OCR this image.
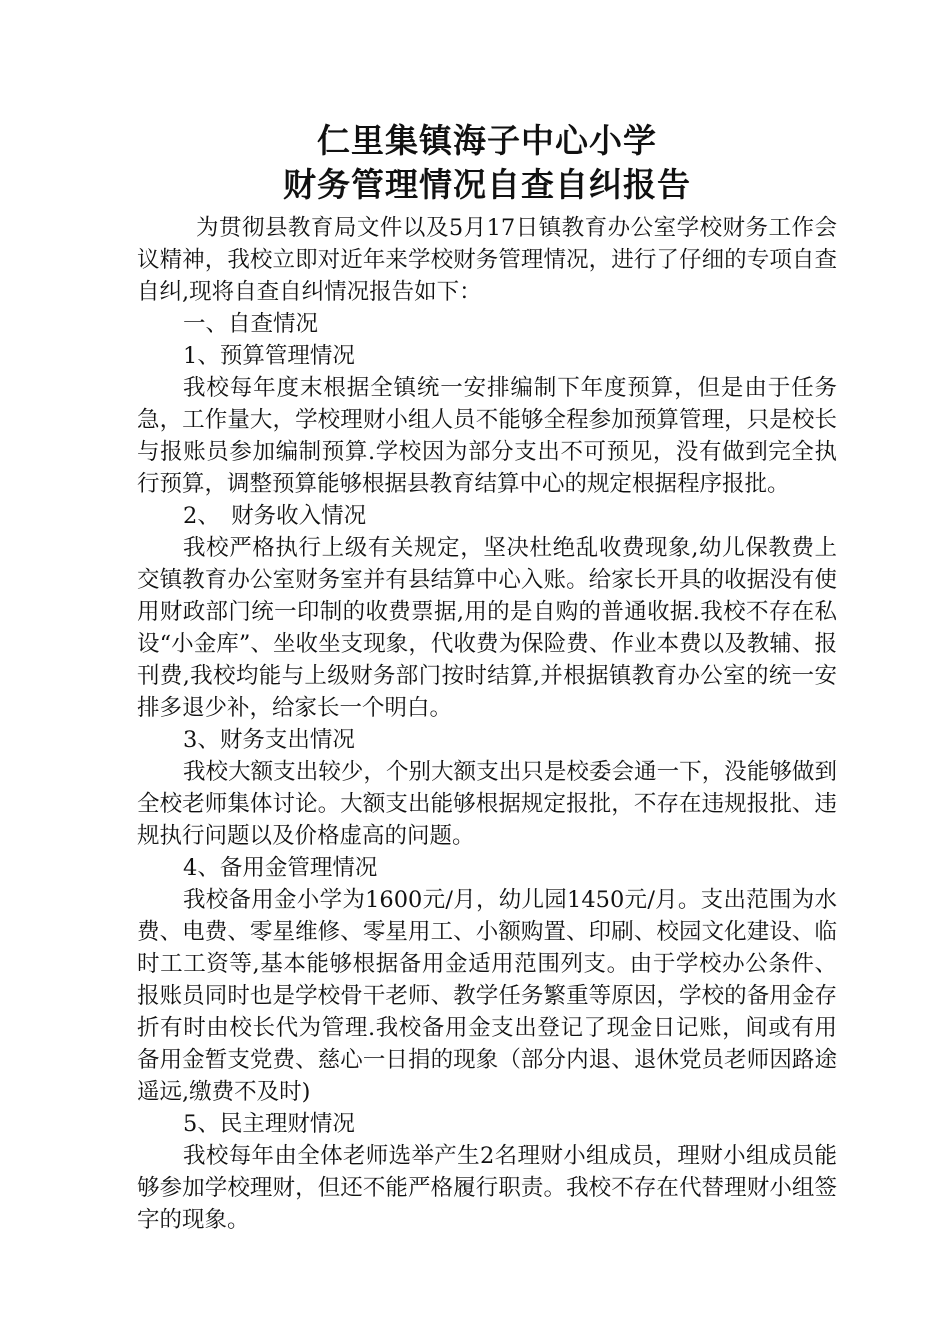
仁里集镇海子中心小学
财务管理情况自查自纠报告

为贯彻县教育局文件以及5月17日镇教育办公室学校财务工作会议精神，我校立即对近年来学校财务管理情况，进行了仔细的专项自查自纠,现将自查自纠情况报告如下：

一、自查情况

1、预算管理情况

我校每年度末根据全镇统一安排编制下年度预算，但是由于任务急，工作量大，学校理财小组人员不能够全程参加预算管理，只是校长与报账员参加编制预算.学校因为部分支出不可预见，没有做到完全执行预算，调整预算能够根据县教育结算中心的规定根据程序报批。

2、　财务收入情况

我校严格执行上级有关规定，坚决杜绝乱收费现象,幼儿保教费上交镇教育办公室财务室并有县结算中心入账。给家长开具的收据没有使用财政部门统一印制的收费票据,用的是自购的普通收据.我校不存在私设“小金库”、坐收坐支现象，代收费为保险费、作业本费以及教辅、报刊费,我校均能与上级财务部门按时结算,并根据镇教育办公室的统一安排多退少补，给家长一个明白。

3、财务支出情况

我校大额支出较少，个别大额支出只是校委会通一下，没能够做到全校老师集体讨论。大额支出能够根据规定报批，不存在违规报批、违规执行问题以及价格虚高的问题。

4、备用金管理情况

我校备用金小学为1600元/月，幼儿园1450元/月。支出范围为水费、电费、零星维修、零星用工、小额购置、印刷、校园文化建设、临时工工资等,基本能够根据备用金适用范围列支。由于学校办公条件、报账员同时也是学校骨干老师、教学任务繁重等原因，学校的备用金存折有时由校长代为管理.我校备用金支出登记了现金日记账，间或有用备用金暂支党费、慈心一日捐的现象（部分内退、退休党员老师因路途遥远,缴费不及时)

5、民主理财情况

我校每年由全体老师选举产生2名理财小组成员，理财小组成员能够参加学校理财，但还不能严格履行职责。我校不存在代替理财小组签字的现象。
